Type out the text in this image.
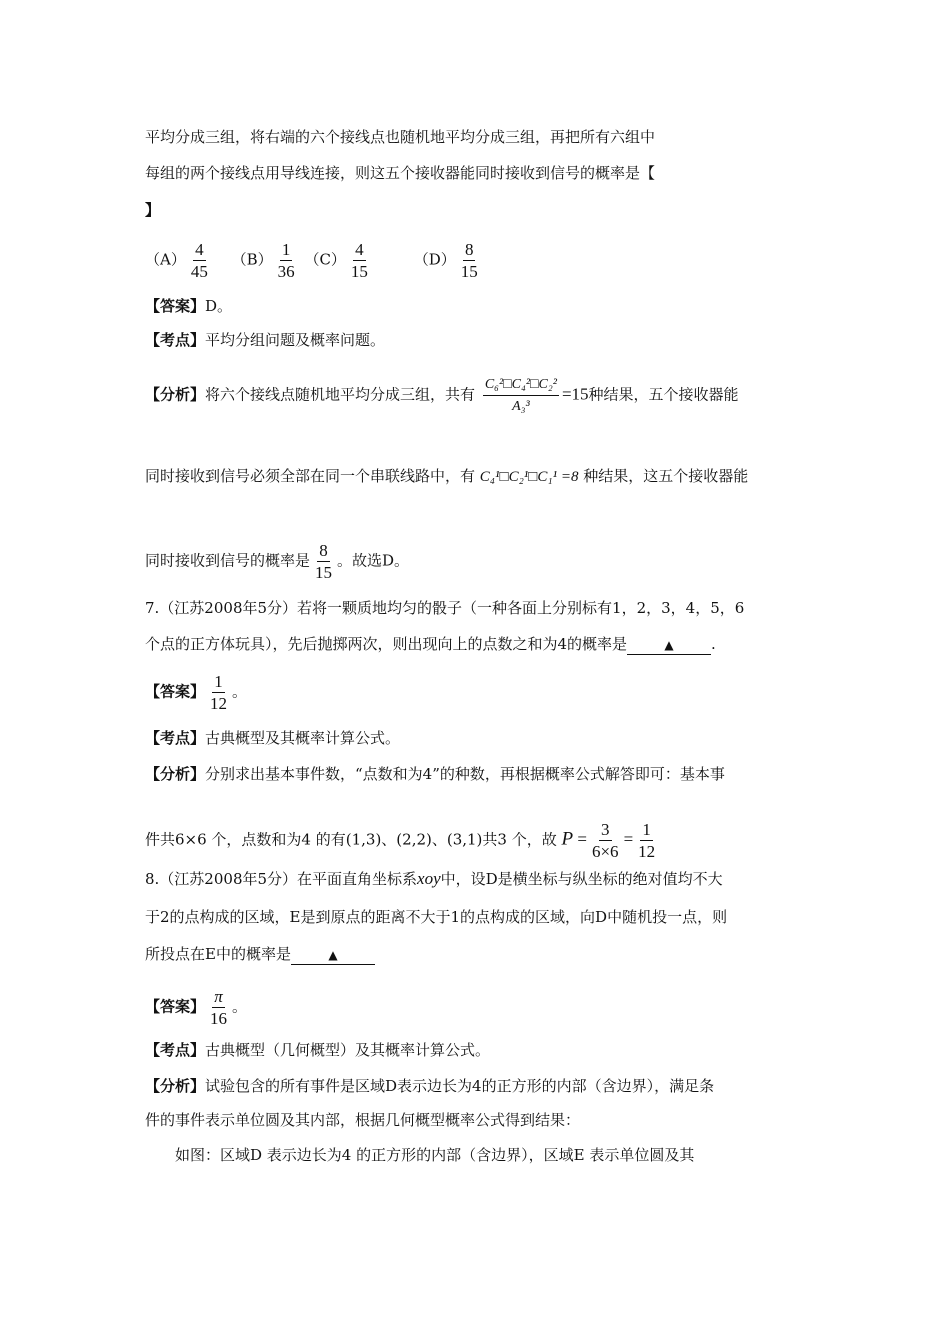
平均分成三组，将右端的六个接线点也随机地平均分成三组，再把所有六组中
每组的两个接线点用导线连接，则这五个接收器能同时接收到信号的概率是【
】
$(A) \frac{4}{45} (B) \frac{1}{36} (C) \frac{4}{15}$	$(D) \frac{8}{15}$
【答案】D。
【考点】平均分组问题及概率问题。
【分析】将六个接线点随机地平均分成三组，共有 $\frac{\text{C₆²□C₄²□C₂²}}{\text{A₃³}} =15$种结果，五个接收器能
同时接收到信号必须全部在同一个串联线路中，有 C₄¹□C₂¹□C₁¹ =8 种结果，这五个接收器能
同时接收到信号的概率是 $\frac{8}{15}$ 。故选D。
7.（江苏2008年5分）若将一颗质地均匀的骰子（一种各面上分别标有1，2，3，4，5，6
个点的正方体玩具），先后抛掷两次，则出现向上的点数之和为4的概率是	▲ .
【答案】 $\frac{1}{12}$ 。
【考点】古典概型及其概率计算公式。
【分析】分别求出基本事件数，“点数和为4”的种数，再根据概率公式解答即可：基本事
件共6×6 个，点数和为4 的有(1,3)、(2,2)、(3,1)共3 个，故 $P = \frac{3}{6\times 6} = \frac{1}{12}$
8.（江苏2008年5分）在平面直角坐标系xoy中，设D是横坐标与纵坐标的绝对值均不大
于2的点构成的区域，E是到原点的距离不大于1的点构成的区域，向D中随机投一点，则
所投点在E中的概率是	▲
【答案】 $\frac{\pi}{16}$ 。
【考点】古典概型（几何概型）及其概率计算公式。
【分析】试验包含的所有事件是区域D表示边长为4的正方形的内部（含边界），满足条
件的事件表示单位圆及其内部，根据几何概型概率公式得到结果：
如图：区域D 表示边长为4 的正方形的内部（含边界），区域E 表示单位圆及其
